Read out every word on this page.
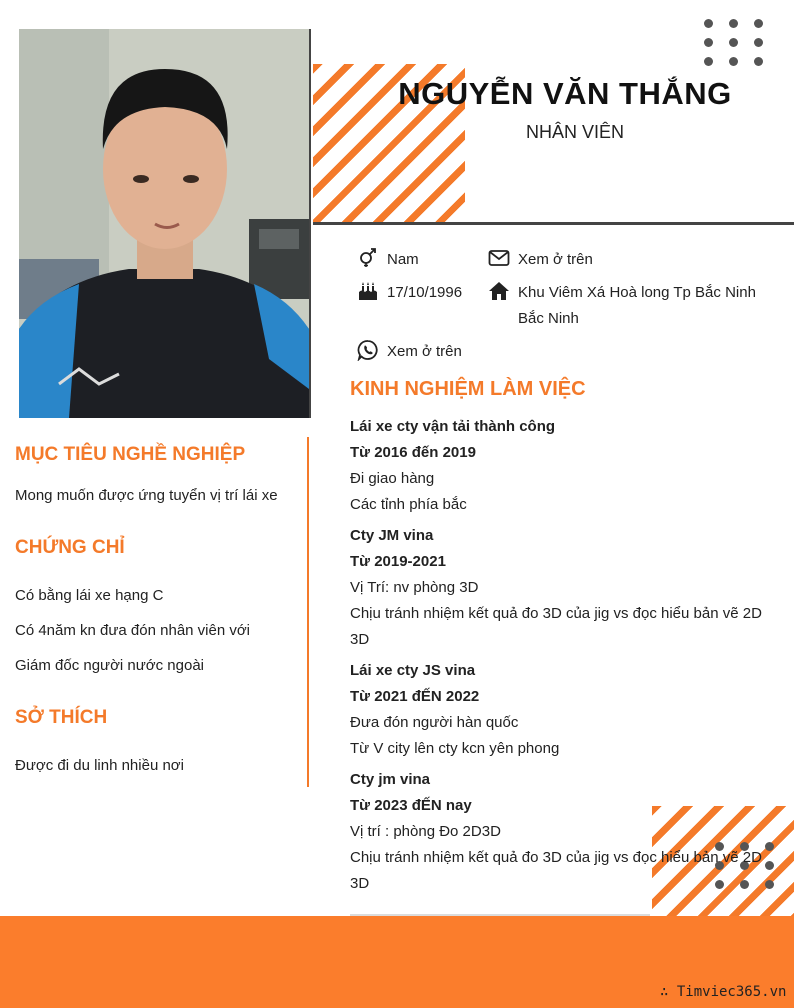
NGUYỄN VĂN THẮNG
NHÂN VIÊN
Nam	Xem ở trên
17/10/1996	Khu Viêm Xá Hoà long Tp Bắc Ninh
Bắc Ninh
Xem ở trên
MỤC TIÊU NGHỀ NGHIỆP
Mong muốn được ứng tuyển vị trí lái xe
CHỨNG CHỈ
Có bằng lái xe hạng C
Có 4năm kn đưa đón nhân viên với
Giám đốc người nước ngoài
SỞ THÍCH
Được đi du linh nhiều nơi
KINH NGHIỆM LÀM VIỆC
Lái xe cty vận tải thành công
Từ 2016 đến 2019
Đi giao hàng
Các tỉnh phía bắc
Cty JM vina
Từ 2019-2021
Vị Trí: nv phòng 3D
Chịu tránh nhiệm kết quả đo 3D của jig vs đọc hiểu bản vẽ 2D 3D
Lái xe cty JS vina
Từ 2021 đẾN 2022
Đưa đón người hàn quốc
Từ V city lên cty kcn yên phong
Cty jm vina
Từ 2023 đẾN nay
Vị trí : phòng Đo 2D3D
Chịu tránh nhiệm kết quả đo 3D của jig vs đọc hiểu bản vẽ 2D 3D
∴ Timviec365.vn
